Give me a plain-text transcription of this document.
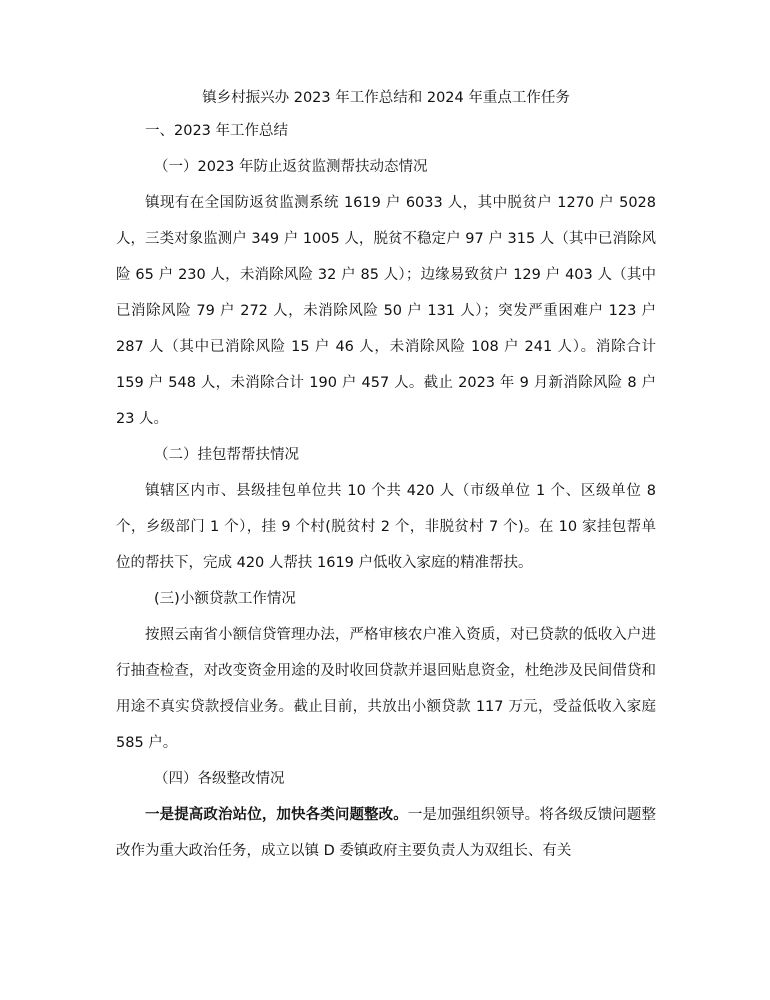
镇乡村振兴办 2023 年工作总结和 2024 年重点工作任务

一、2023 年工作总结

（一）2023 年防止返贫监测帮扶动态情况

镇现有在全国防返贫监测系统 1619 户 6033 人，其中脱贫户 1270 户 5028 人，三类对象监测户 349 户 1005 人，脱贫不稳定户 97 户 315 人（其中已消除风险 65 户 230 人，未消除风险 32 户 85 人）；边缘易致贫户 129 户 403 人（其中已消除风险 79 户 272 人，未消除风险 50 户 131 人）；突发严重困难户 123 户 287 人（其中已消除风险 15 户 46 人，未消除风险 108 户 241 人）。消除合计 159 户 548 人，未消除合计 190 户 457 人。截止 2023 年 9 月新消除风险 8 户 23 人。

（二）挂包帮帮扶情况

镇辖区内市、县级挂包单位共 10 个共 420 人（市级单位 1 个、区级单位 8 个，乡级部门 1 个），挂 9 个村(脱贫村 2 个，非脱贫村 7 个)。在 10 家挂包帮单位的帮扶下，完成 420 人帮扶 1619 户低收入家庭的精准帮扶。

(三)小额贷款工作情况

按照云南省小额信贷管理办法，严格审核农户准入资质，对已贷款的低收入户进行抽查检查，对改变资金用途的及时收回贷款并退回贴息资金，杜绝涉及民间借贷和用途不真实贷款授信业务。截止目前，共放出小额贷款 117 万元，受益低收入家庭 585 户。

（四）各级整改情况

一是提高政治站位，加快各类问题整改。一是加强组织领导。将各级反馈问题整改作为重大政治任务，成立以镇 D 委镇政府主要负责人为双组长、有关
